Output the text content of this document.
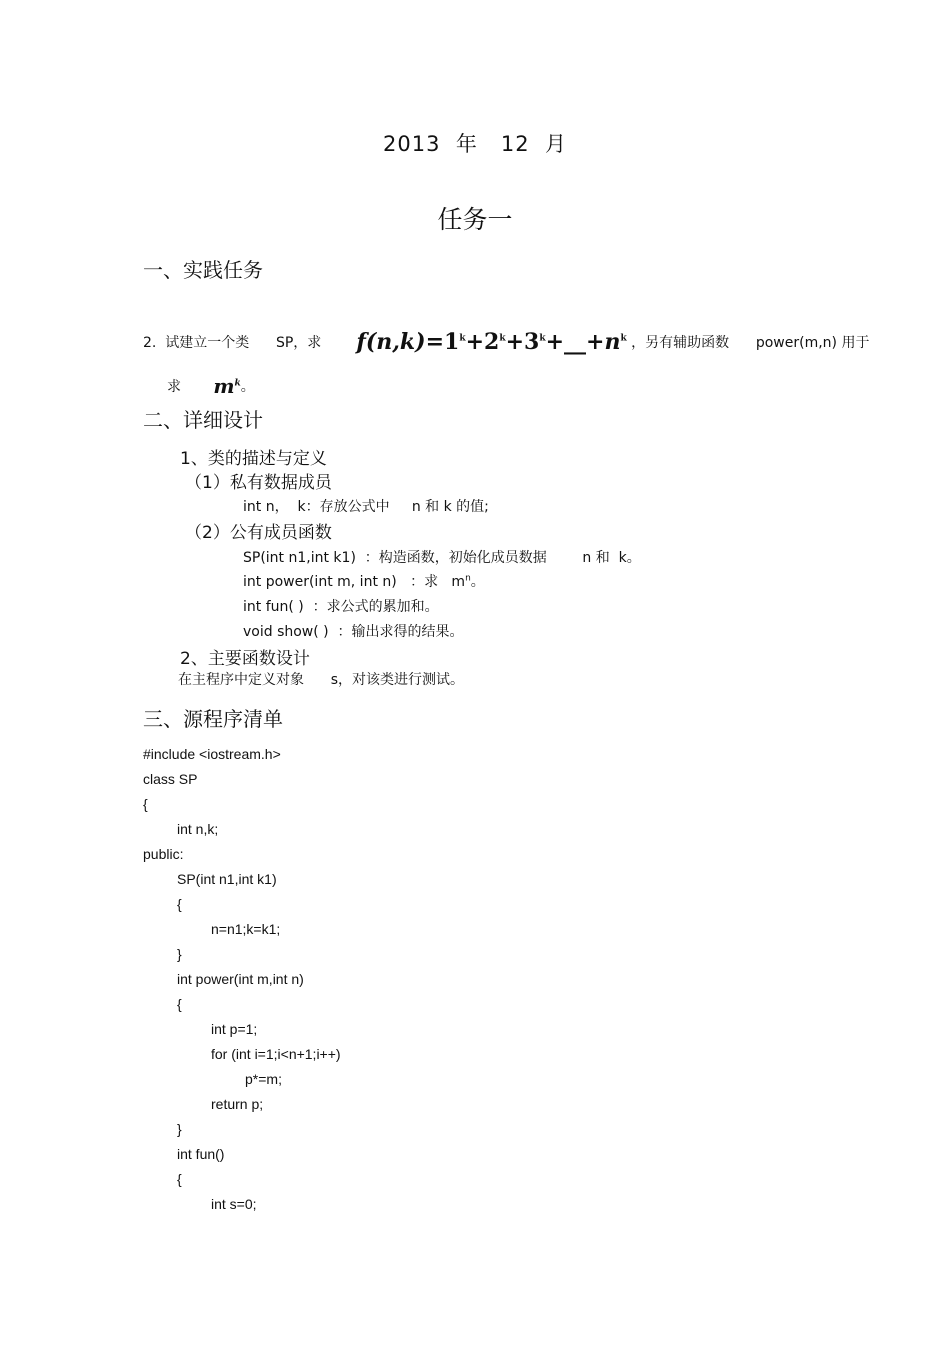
2013  年   12  月
任务一
一、实践任务
2.  试建立一个类      SP，求	$f(n,k)=1^k+2^k+3^k+\_\_+n^k$
，另有辅助函数      power(m,n) 用于
求	$m^k$
。
二、详细设计
1、类的描述与定义
（1）私有数据成员
int n，  k：存放公式中     n 和 k 的值;
（2）公有成员函数
SP(int n1,int k1)  ：构造函数，初始化成员数据        n 和  k。
int power(int m, int n)   ：求   $m^n$。
int fun( )  ：求公式的累加和。
void show( )  ：输出求得的结果。
2、主要函数设计
在主程序中定义对象      s，对该类进行测试。
三、源程序清单
#include <iostream.h>
class SP
{
int n,k;
public:
SP(int n1,int k1)
{
n=n1;k=k1;
}
int power(int m,int n)
{
int p=1;
for (int i=1;i<n+1;i++)
p*=m;
return p;
}
int fun()
{
int s=0;
